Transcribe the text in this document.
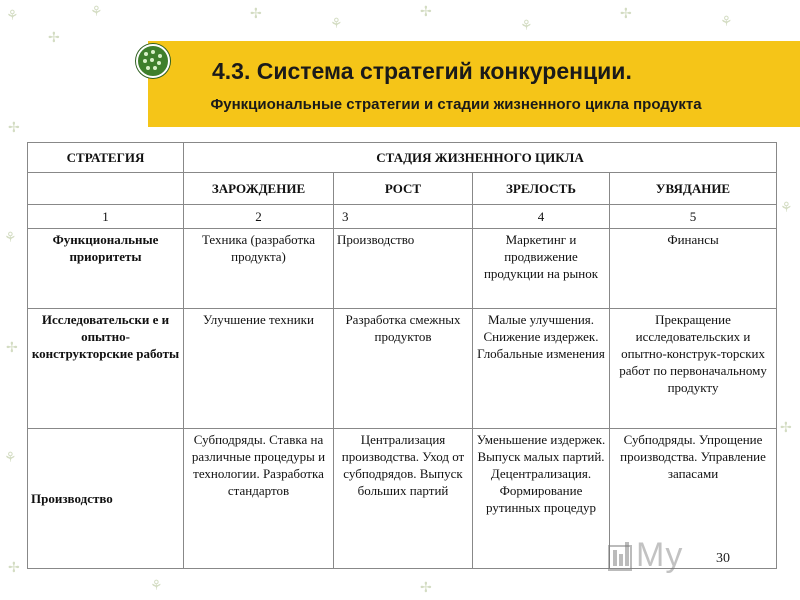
⚘
✢
⚘	✢
⚘
✢
⚘
✢	⚘
✢
⚘
✢
⚘
✢
⚘	✢
⚘
✢
4.3. Система стратегий конкуренции.
Функциональные стратегии и стадии жизненного цикла продукта
СТРАТЕГИЯ	СТАДИЯ ЖИЗНЕННОГО ЦИКЛА			
	ЗАРОЖДЕНИЕ	РОСТ	ЗРЕЛОСТЬ	УВЯДАНИЕ
1	2	3	4	5
Функциональные приоритеты	Техника (разработка продукта)	Производство	Маркетинг и продвижение продукции на рынок	Финансы
Исследовательски е и опытно-конструкторские работы	Улучшение техники	Разработка смежных продуктов	Малые улучшения. Снижение издержек. Глобальные изменения	Прекращение исследовательских и опытно-конструк-торских работ по первоначальному продукту
Производство	Субподряды. Ставка на различные процедуры и технологии. Разработка стандартов	Централизация производства. Уход от субподрядов. Выпуск больших партий	Уменьшение издержек. Выпуск малых партий. Децентрализация. Формирование рутинных процедур	Субподряды. Упрощение производства. Управление запасами
My 30
